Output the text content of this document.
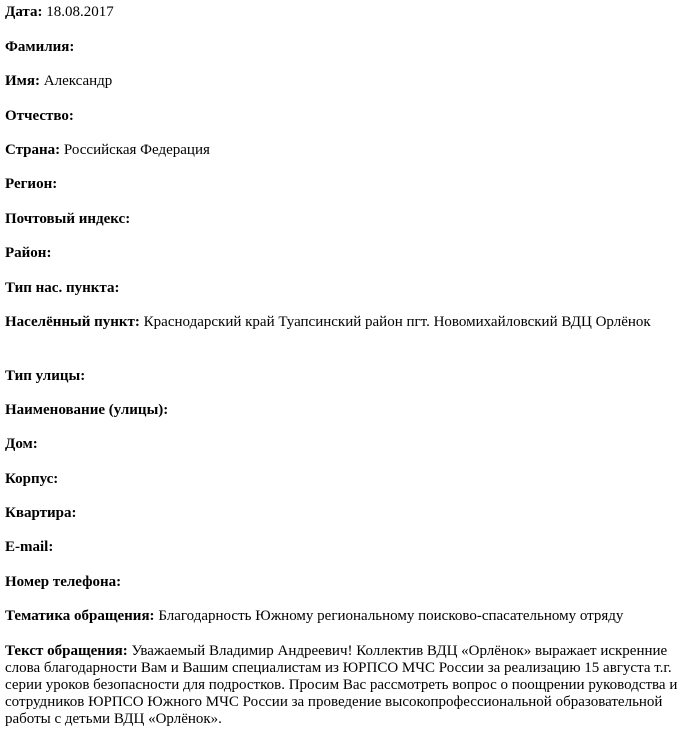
Дата: 18.08.2017

Фамилия:

Имя: Александр

Отчество:

Страна: Российская Федерация

Регион:

Почтовый индекс:

Район:

Тип нас. пункта:

Населённый пункт:
Краснодарский край Туапсинский район пгт. Новомихайловский ВДЦ Орлёнок

Тип улицы:

Наименование (улицы):

Дом:

Корпус:

Квартира:

E-mail:

Номер телефона:

Тематика обращения: Благодарность Южному региональному поисково-спасательному отряду

Текст обращения: Уважаемый Владимир Андреевич! Коллектив ВДЦ «Орлёнок» выражает искренние слова благодарности Вам и Вашим специалистам из ЮРПСО МЧС России за реализацию 15 августа т.г. серии уроков безопасности для подростков. Просим Вас рассмотреть вопрос о поощрении руководства и сотрудников ЮРПСО Южного МЧС России за проведение высокопрофессиональной образовательной работы с детьми ВДЦ «Орлёнок».
